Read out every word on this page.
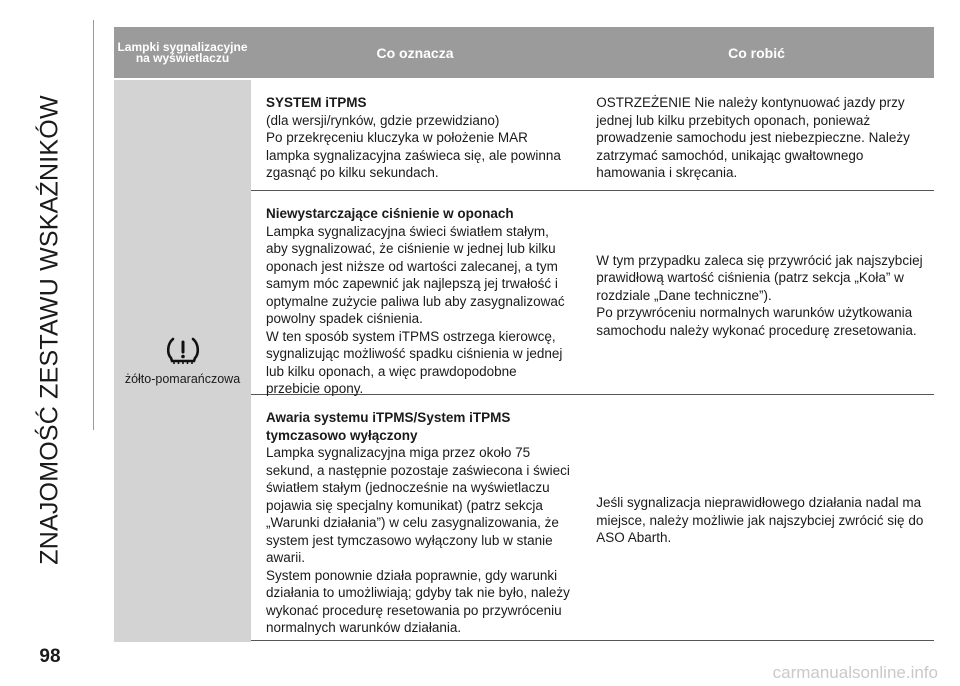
ZNAJOMOŚĆ ZESTAWU WSKAŹNIKÓW
98
carmanualsonline.info
Lampki sygnalizacyjne na wyświetlaczu	Co oznacza	Co robić
żółto-pomarańczowa
SYSTEM iTPMS
(dla wersji/rynków, gdzie przewidziano)
Po przekręceniu kluczyka w położenie MAR lampka sygnalizacyjna zaświeca się, ale powinna zgasnąć po kilku sekundach.
OSTRZEŻENIE Nie należy kontynuować jazdy przy jednej lub kilku przebitych oponach, ponieważ prowadzenie samochodu jest niebezpieczne. Należy zatrzymać samochód, unikając gwałtownego hamowania i skręcania.
Niewystarczające ciśnienie w oponach
Lampka sygnalizacyjna świeci światłem stałym, aby sygnalizować, że ciśnienie w jednej lub kilku oponach jest niższe od wartości zalecanej, a tym samym móc zapewnić jak najlepszą jej trwałość i optymalne zużycie paliwa lub aby zasygnalizować powolny spadek ciśnienia.
W ten sposób system iTPMS ostrzega kierowcę, sygnalizując możliwość spadku ciśnienia w jednej lub kilku oponach, a więc prawdopodobne przebicie opony.
W tym przypadku zaleca się przywrócić jak najszybciej prawidłową wartość ciśnienia (patrz sekcja „Koła” w rozdziale „Dane techniczne”).
Po przywróceniu normalnych warunków użytkowania samochodu należy wykonać procedurę zresetowania.
Awaria systemu iTPMS/System iTPMS tymczasowo wyłączony
Lampka sygnalizacyjna miga przez około 75 sekund, a następnie pozostaje zaświecona i świeci światłem stałym (jednocześnie na wyświetlaczu pojawia się specjalny komunikat) (patrz sekcja „Warunki działania”) w celu zasygnalizowania, że system jest tymczasowo wyłączony lub w stanie awarii.
System ponownie działa poprawnie, gdy warunki działania to umożliwiają; gdyby tak nie było, należy wykonać procedurę resetowania po przywróceniu normalnych warunków działania.
Jeśli sygnalizacja nieprawidłowego działania nadal ma miejsce, należy możliwie jak najszybciej zwrócić się do ASO Abarth.
